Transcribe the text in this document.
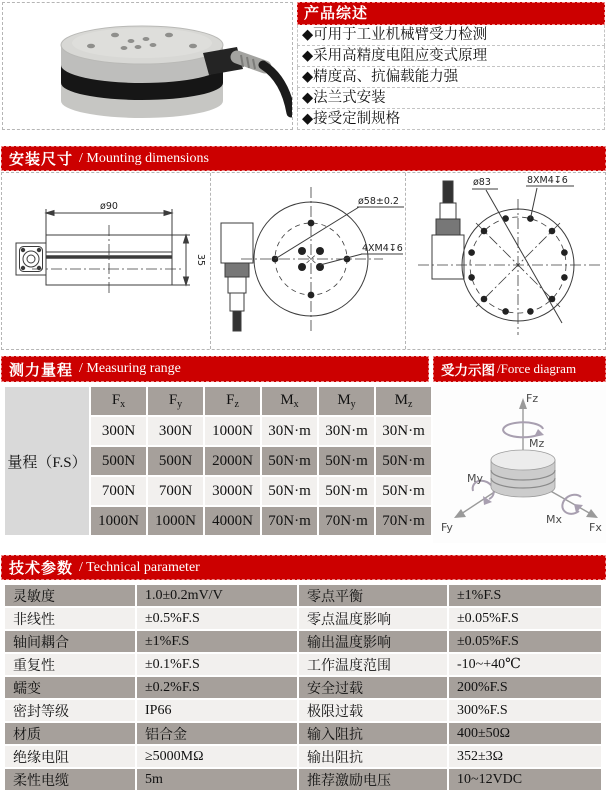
产品综述
◆可用于工业机械臂受力检测
◆采用高精度电阻应变式原理
◆精度高、抗偏载能力强
◆法兰式安装
◆接受定制规格
安装尺寸 / Mounting dimensions
ø90
35
ø58±0.2
4XM4↧6
ø83	8XM4↧6
测力量程 / Measuring range	受力示图 /Force diagram
量程（F.S）	$F_x$	$F_y$	$F_z$	$M_x$	$M_y$	$M_z$
	300N	300N	1000N	30N·m	30N·m	30N·m
	500N	500N	2000N	50N·m	50N·m	50N·m
	700N	700N	3000N	50N·m	50N·m	50N·m
	1000N	1000N	4000N	70N·m	70N·m	70N·m
Fz
Mz
My
Fy
Mx
Fx
技术参数 / Technical parameter
灵敏度	1.0±0.2mV/V	零点平衡	±1%F.S
非线性	±0.5%F.S	零点温度影响	±0.05%F.S
轴间耦合	±1%F.S	输出温度影响	±0.05%F.S
重复性	±0.1%F.S	工作温度范围	-10~+40℃
蠕变	±0.2%F.S	安全过载	200%F.S
密封等级	IP66	极限过载	300%F.S
材质	铝合金	输入阻抗	400±50Ω
绝缘电阻	≥5000MΩ	输出阻抗	352±3Ω
柔性电缆	5m	推荐激励电压	10~12VDC
